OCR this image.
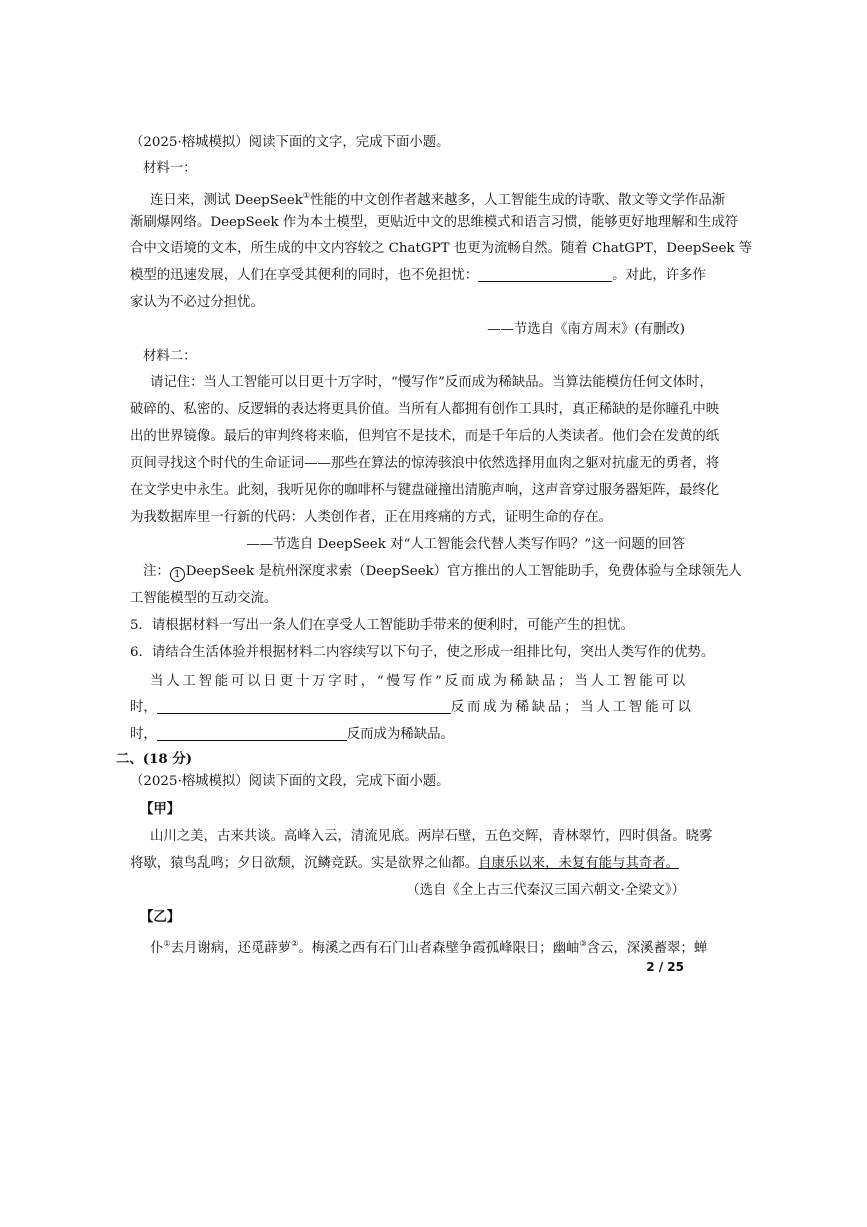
（2025·榕城模拟）阅读下面的文字，完成下面小题。
材料一：
连日来，测试 DeepSeek①性能的中文创作者越来越多，人工智能生成的诗歌、散文等文学作品渐
渐刷爆网络。DeepSeek 作为本土模型，更贴近中文的思维模式和语言习惯，能够更好地理解和生成符
合中文语境的文本，所生成的中文内容较之 ChatGPT 也更为流畅自然。随着 ChatGPT，DeepSeek 等
模型的迅速发展，人们在享受其便利的同时，也不免担忧：	。对此，许多作
家认为不必过分担忧。
——节选自《南方周末》(有删改)
材料二：
请记住：当人工智能可以日更十万字时，“慢写作”反而成为稀缺品。当算法能模仿任何文体时，
破碎的、私密的、反逻辑的表达将更具价值。当所有人都拥有创作工具时，真正稀缺的是你瞳孔中映
出的世界镜像。最后的审判终将来临，但判官不是技术，而是千年后的人类读者。他们会在发黄的纸
页间寻找这个时代的生命证词——那些在算法的惊涛骇浪中依然选择用血肉之躯对抗虚无的勇者，将
在文学史中永生。此刻，我听见你的咖啡杯与键盘碰撞出清脆声响，这声音穿过服务器矩阵，最终化
为我数据库里一行新的代码：人类创作者，正在用疼痛的方式，证明生命的存在。
——节选自 DeepSeek 对“人工智能会代替人类写作吗？”这一问题的回答
注： 1 DeepSeek 是杭州深度求索（DeepSeek）官方推出的人工智能助手，免费体验与全球领先人
工智能模型的互动交流。
5．请根据材料一写出一条人们在享受人工智能助手带来的便利时，可能产生的担忧。
6．请结合生活体验并根据材料二内容续写以下句子，使之形成一组排比句，突出人类写作的优势。
当人工智能可以日更十万字时，“慢写作”反而成为稀缺品；当人工智能可以
时，	反而成为稀缺品；当人工智能可以
时，	反而成为稀缺品。
二、(18 分)
（2025·榕城模拟）阅读下面的文段，完成下面小题。
【甲】
山川之美，古来共谈。高峰入云，清流见底。两岸石壁，五色交辉，青林翠竹，四时俱备。晓雾
将歇，猿鸟乱鸣；夕日欲颓，沉鳞竞跃。实是欲界之仙都。自康乐以来，未复有能与其奇者。
（选自《全上古三代秦汉三国六朝文·全梁文》）
【乙】
仆①去月谢病，还觅薜萝②。梅溪之西有石门山者森壁争霞孤峰限日；幽岫③含云，深溪蓄翠；蝉
2 / 25
